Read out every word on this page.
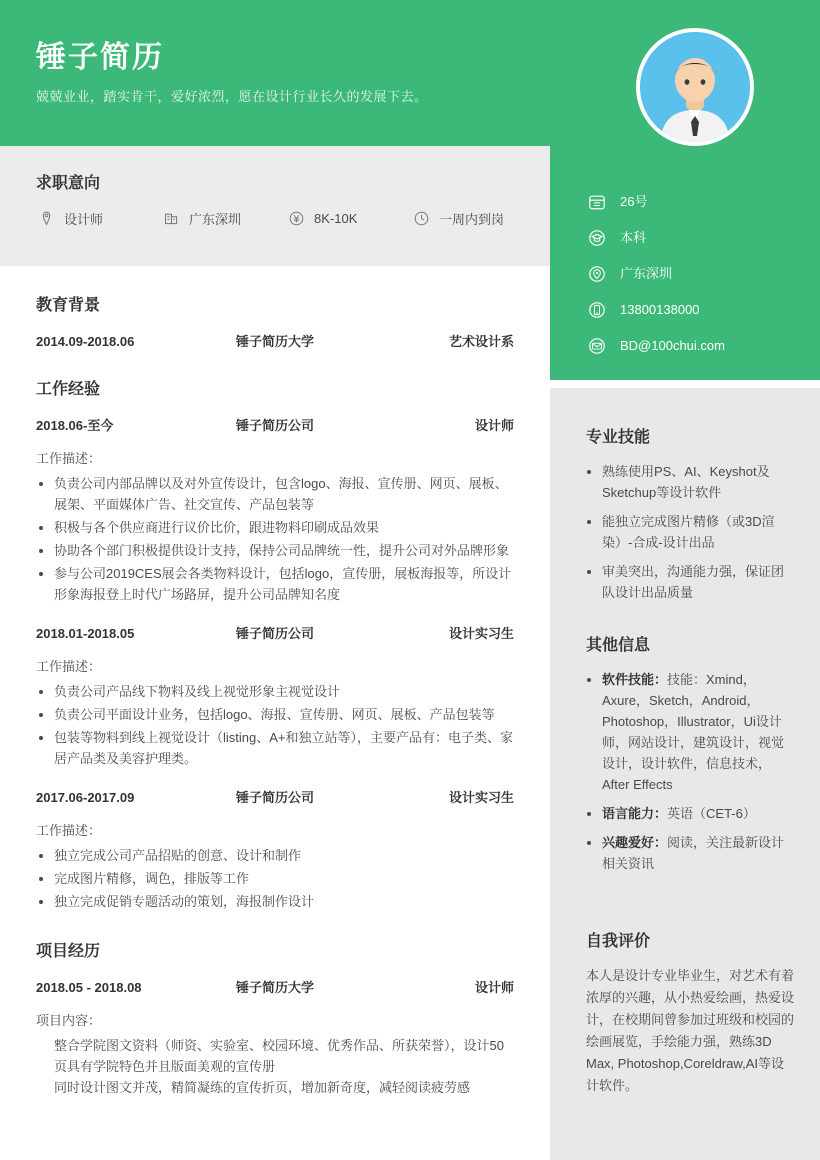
锤子简历
兢兢业业，踏实肯干，爱好浓烈，愿在设计行业长久的发展下去。
26号
本科
广东深圳
13800138000
BD@100chui.com
专业技能
• 熟练使用PS、AI、Keyshot及Sketchup等设计软件
• 能独立完成图片精修（或3D渲染）-合成-设计出品
• 审美突出，沟通能力强，保证团队设计出品质量
其他信息
• 软件技能：技能：Xmind，Axure，Sketch，Android，Photoshop，Illustrator，Ui设计师，网站设计，建筑设计，视觉设计，设计软件，信息技术，After Effects
• 语言能力：英语（CET-6）
• 兴趣爱好：阅读，关注最新设计相关资讯
自我评价
本人是设计专业毕业生，对艺术有着浓厚的兴趣，从小热爱绘画，热爱设计，在校期间曾参加过班级和校园的绘画展览，手绘能力强，熟练3D Max, Photoshop,Coreldraw,AI等设计软件。
求职意向
设计师	广东深圳	8K-10K	一周内到岗
教育背景
2014.09-2018.06	锤子简历大学	艺术设计系
工作经验
2018.06-至今	锤子简历公司	设计师
工作描述：
• 负责公司内部品牌以及对外宣传设计，包含logo、海报、宣传册、网页、展板、展架、平面媒体广告、社交宣传、产品包装等
• 积极与各个供应商进行议价比价，跟进物料印刷成品效果
• 协助各个部门积极提供设计支持，保持公司品牌统一性，提升公司对外品牌形象
• 参与公司2019CES展会各类物料设计，包括logo，宣传册，展板海报等，所设计形象海报登上时代广场路屏，提升公司品牌知名度
2018.01-2018.05	锤子简历公司	设计实习生
工作描述：
• 负责公司产品线下物料及线上视觉形象主视觉设计
• 负责公司平面设计业务，包括logo、海报、宣传册、网页、展板、产品包装等
• 包装等物料到线上视觉设计（listing、A+和独立站等），主要产品有：电子类、家居产品类及美容护理类。
2017.06-2017.09	锤子简历公司	设计实习生
工作描述：
• 独立完成公司产品招贴的创意、设计和制作
• 完成图片精修，调色，排版等工作
• 独立完成促销专题活动的策划，海报制作设计
项目经历
2018.05 - 2018.08	锤子简历大学	设计师
项目内容：
整合学院图文资料（师资、实验室、校园环境、优秀作品、所获荣誉），设计50页具有学院特色并且版面美观的宣传册
同时设计图文并茂，精简凝练的宣传折页，增加新奇度，减轻阅读疲劳感
